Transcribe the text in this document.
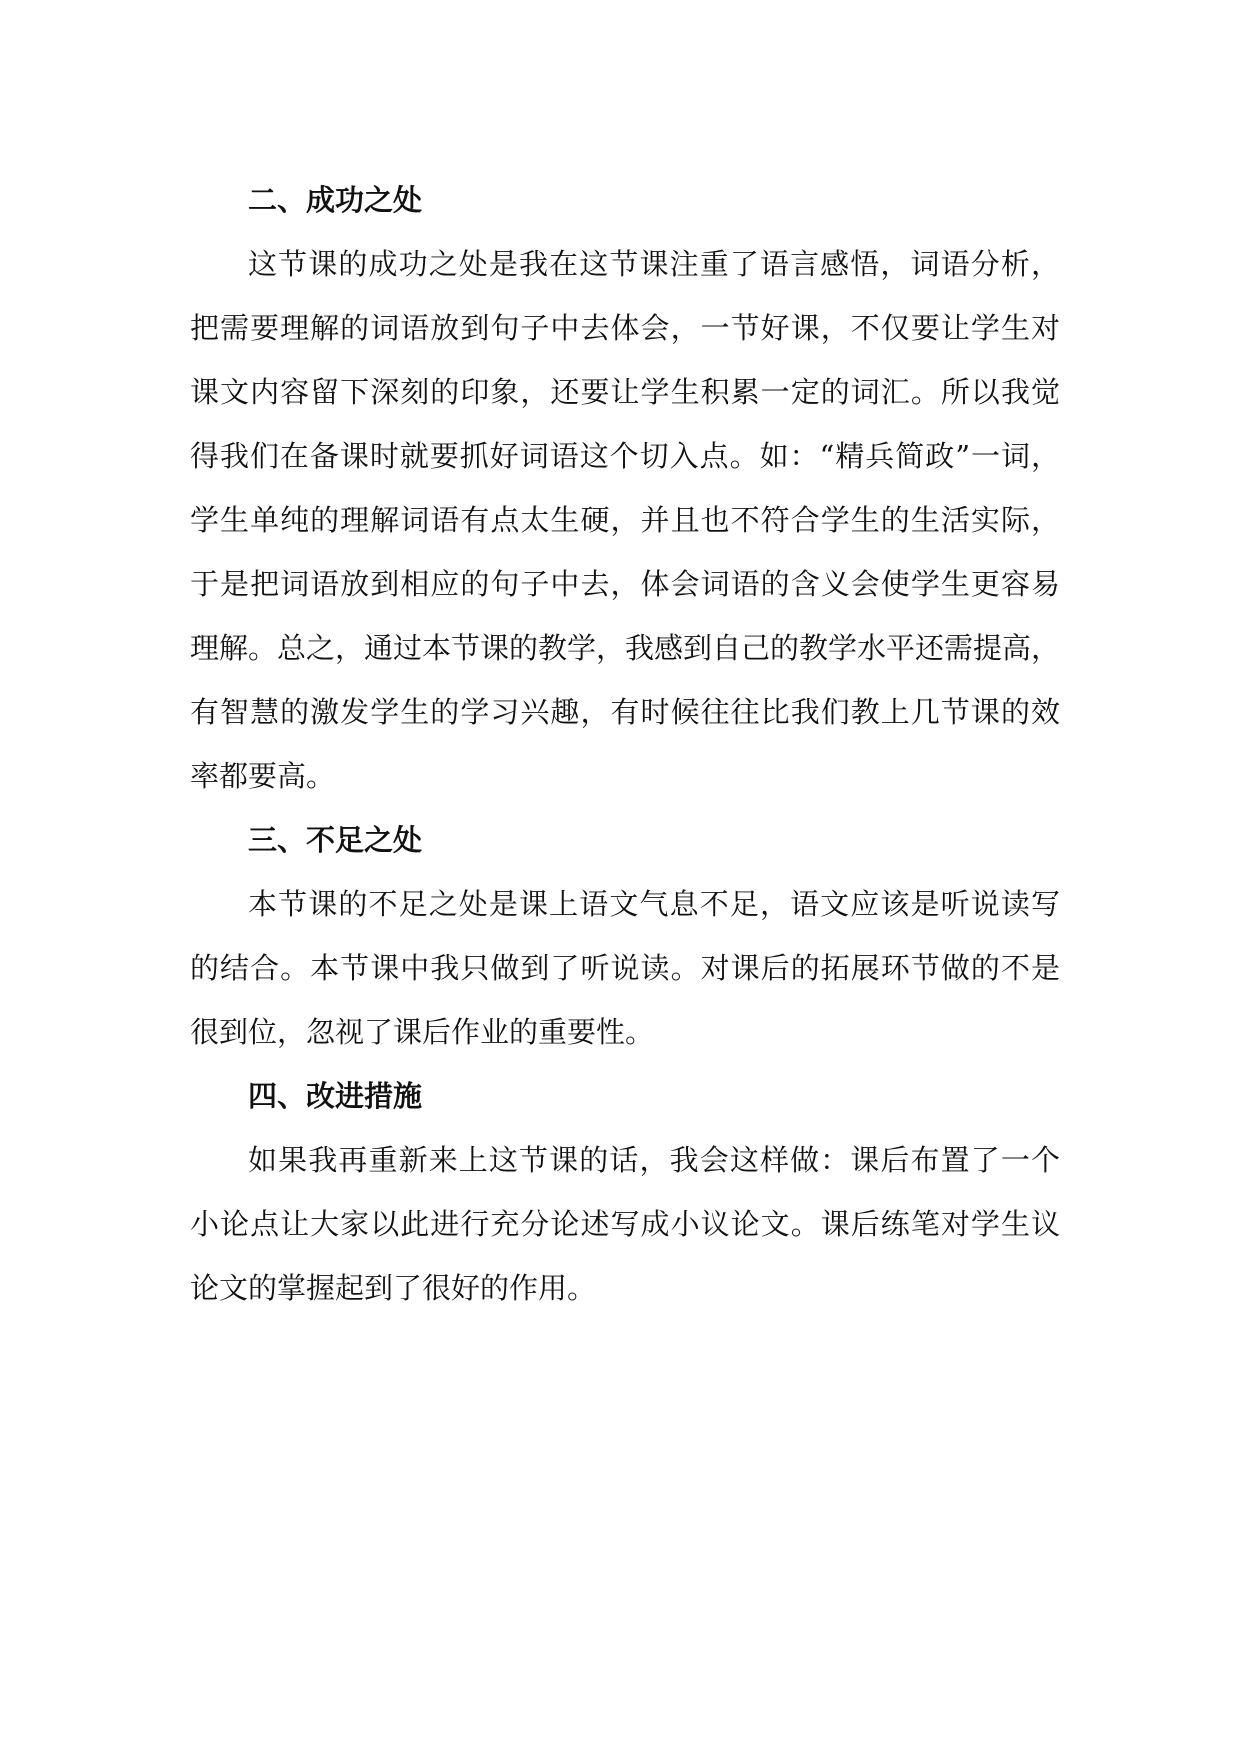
二、成功之处
这节课的成功之处是我在这节课注重了语言感悟，词语分析，
把需要理解的词语放到句子中去体会，一节好课，不仅要让学生对
课文内容留下深刻的印象，还要让学生积累一定的词汇。所以我觉
得我们在备课时就要抓好词语这个切入点。如：“精兵简政”一词，
学生单纯的理解词语有点太生硬，并且也不符合学生的生活实际，
于是把词语放到相应的句子中去，体会词语的含义会使学生更容易
理解。总之，通过本节课的教学，我感到自己的教学水平还需提高，
有智慧的激发学生的学习兴趣，有时候往往比我们教上几节课的效
率都要高。
三、不足之处
本节课的不足之处是课上语文气息不足，语文应该是听说读写
的结合。本节课中我只做到了听说读。对课后的拓展环节做的不是
很到位，忽视了课后作业的重要性。
四、改进措施
如果我再重新来上这节课的话，我会这样做：课后布置了一个
小论点让大家以此进行充分论述写成小议论文。课后练笔对学生议
论文的掌握起到了很好的作用。
